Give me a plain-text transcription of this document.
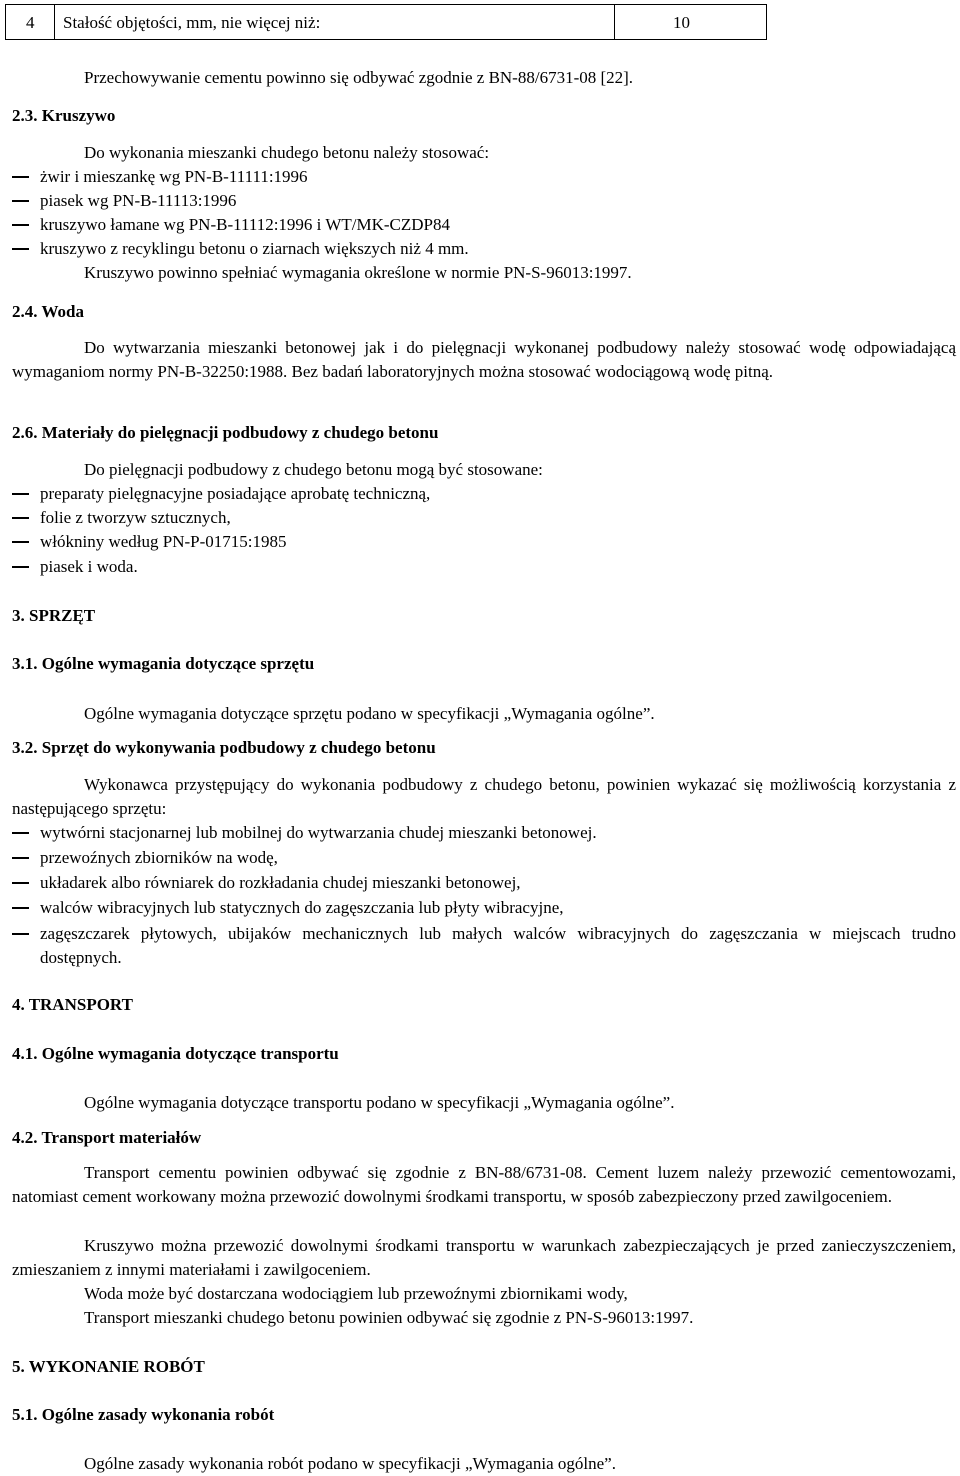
4	Stałość objętości, mm, nie więcej niż:	10
Przechowywanie cementu powinno się odbywać zgodnie z BN-88/6731-08 [22].
2.3. Kruszywo
Do wykonania mieszanki chudego betonu należy stosować:
żwir i mieszankę wg PN-B-11111:1996
piasek wg PN-B-11113:1996
kruszywo łamane wg PN-B-11112:1996 i WT/MK-CZDP84
kruszywo z recyklingu betonu o ziarnach większych niż 4 mm.
Kruszywo powinno spełniać wymagania określone w normie PN-S-96013:1997.
2.4. Woda
Do wytwarzania mieszanki betonowej jak i do pielęgnacji wykonanej podbudowy należy stosować wodę odpowiadającą wymaganiom normy PN-B-32250:1988. Bez badań laboratoryjnych można stosować wodociągową wodę pitną.
2.6. Materiały do pielęgnacji podbudowy z chudego betonu
Do pielęgnacji podbudowy z chudego betonu mogą być stosowane:
preparaty pielęgnacyjne posiadające aprobatę techniczną,
folie z tworzyw sztucznych,
włókniny według PN-P-01715:1985
piasek i woda.
3. SPRZĘT
3.1. Ogólne wymagania dotyczące sprzętu
Ogólne wymagania dotyczące sprzętu podano w specyfikacji „Wymagania ogólne”.
3.2. Sprzęt do wykonywania podbudowy z chudego betonu
Wykonawca przystępujący do wykonania podbudowy z chudego betonu, powinien wykazać się możliwością korzystania z następującego sprzętu:
wytwórni stacjonarnej lub mobilnej do wytwarzania chudej mieszanki betonowej.
przewoźnych zbiorników na wodę,
układarek albo równiarek do rozkładania chudej mieszanki betonowej,
walców wibracyjnych lub statycznych do zagęszczania lub płyty wibracyjne,
zagęszczarek płytowych, ubijaków mechanicznych lub małych walców wibracyjnych do zagęszczania w miejscach trudno dostępnych.
4. TRANSPORT
4.1. Ogólne wymagania dotyczące transportu
Ogólne wymagania dotyczące transportu podano w specyfikacji „Wymagania ogólne”.
4.2. Transport materiałów
Transport cementu powinien odbywać się zgodnie z BN-88/6731-08. Cement luzem należy przewozić cementowozami, natomiast cement workowany można przewozić dowolnymi środkami transportu, w sposób zabezpieczony przed zawilgoceniem.
Kruszywo można przewozić dowolnymi środkami transportu w warunkach zabezpieczających je przed zanieczyszczeniem, zmieszaniem z innymi materiałami i zawilgoceniem.
Woda może być dostarczana wodociągiem lub przewoźnymi zbiornikami wody,
Transport mieszanki chudego betonu powinien odbywać się zgodnie z PN-S-96013:1997.
5. WYKONANIE ROBÓT
5.1. Ogólne zasady wykonania robót
Ogólne zasady wykonania robót podano w specyfikacji „Wymagania ogólne”.
